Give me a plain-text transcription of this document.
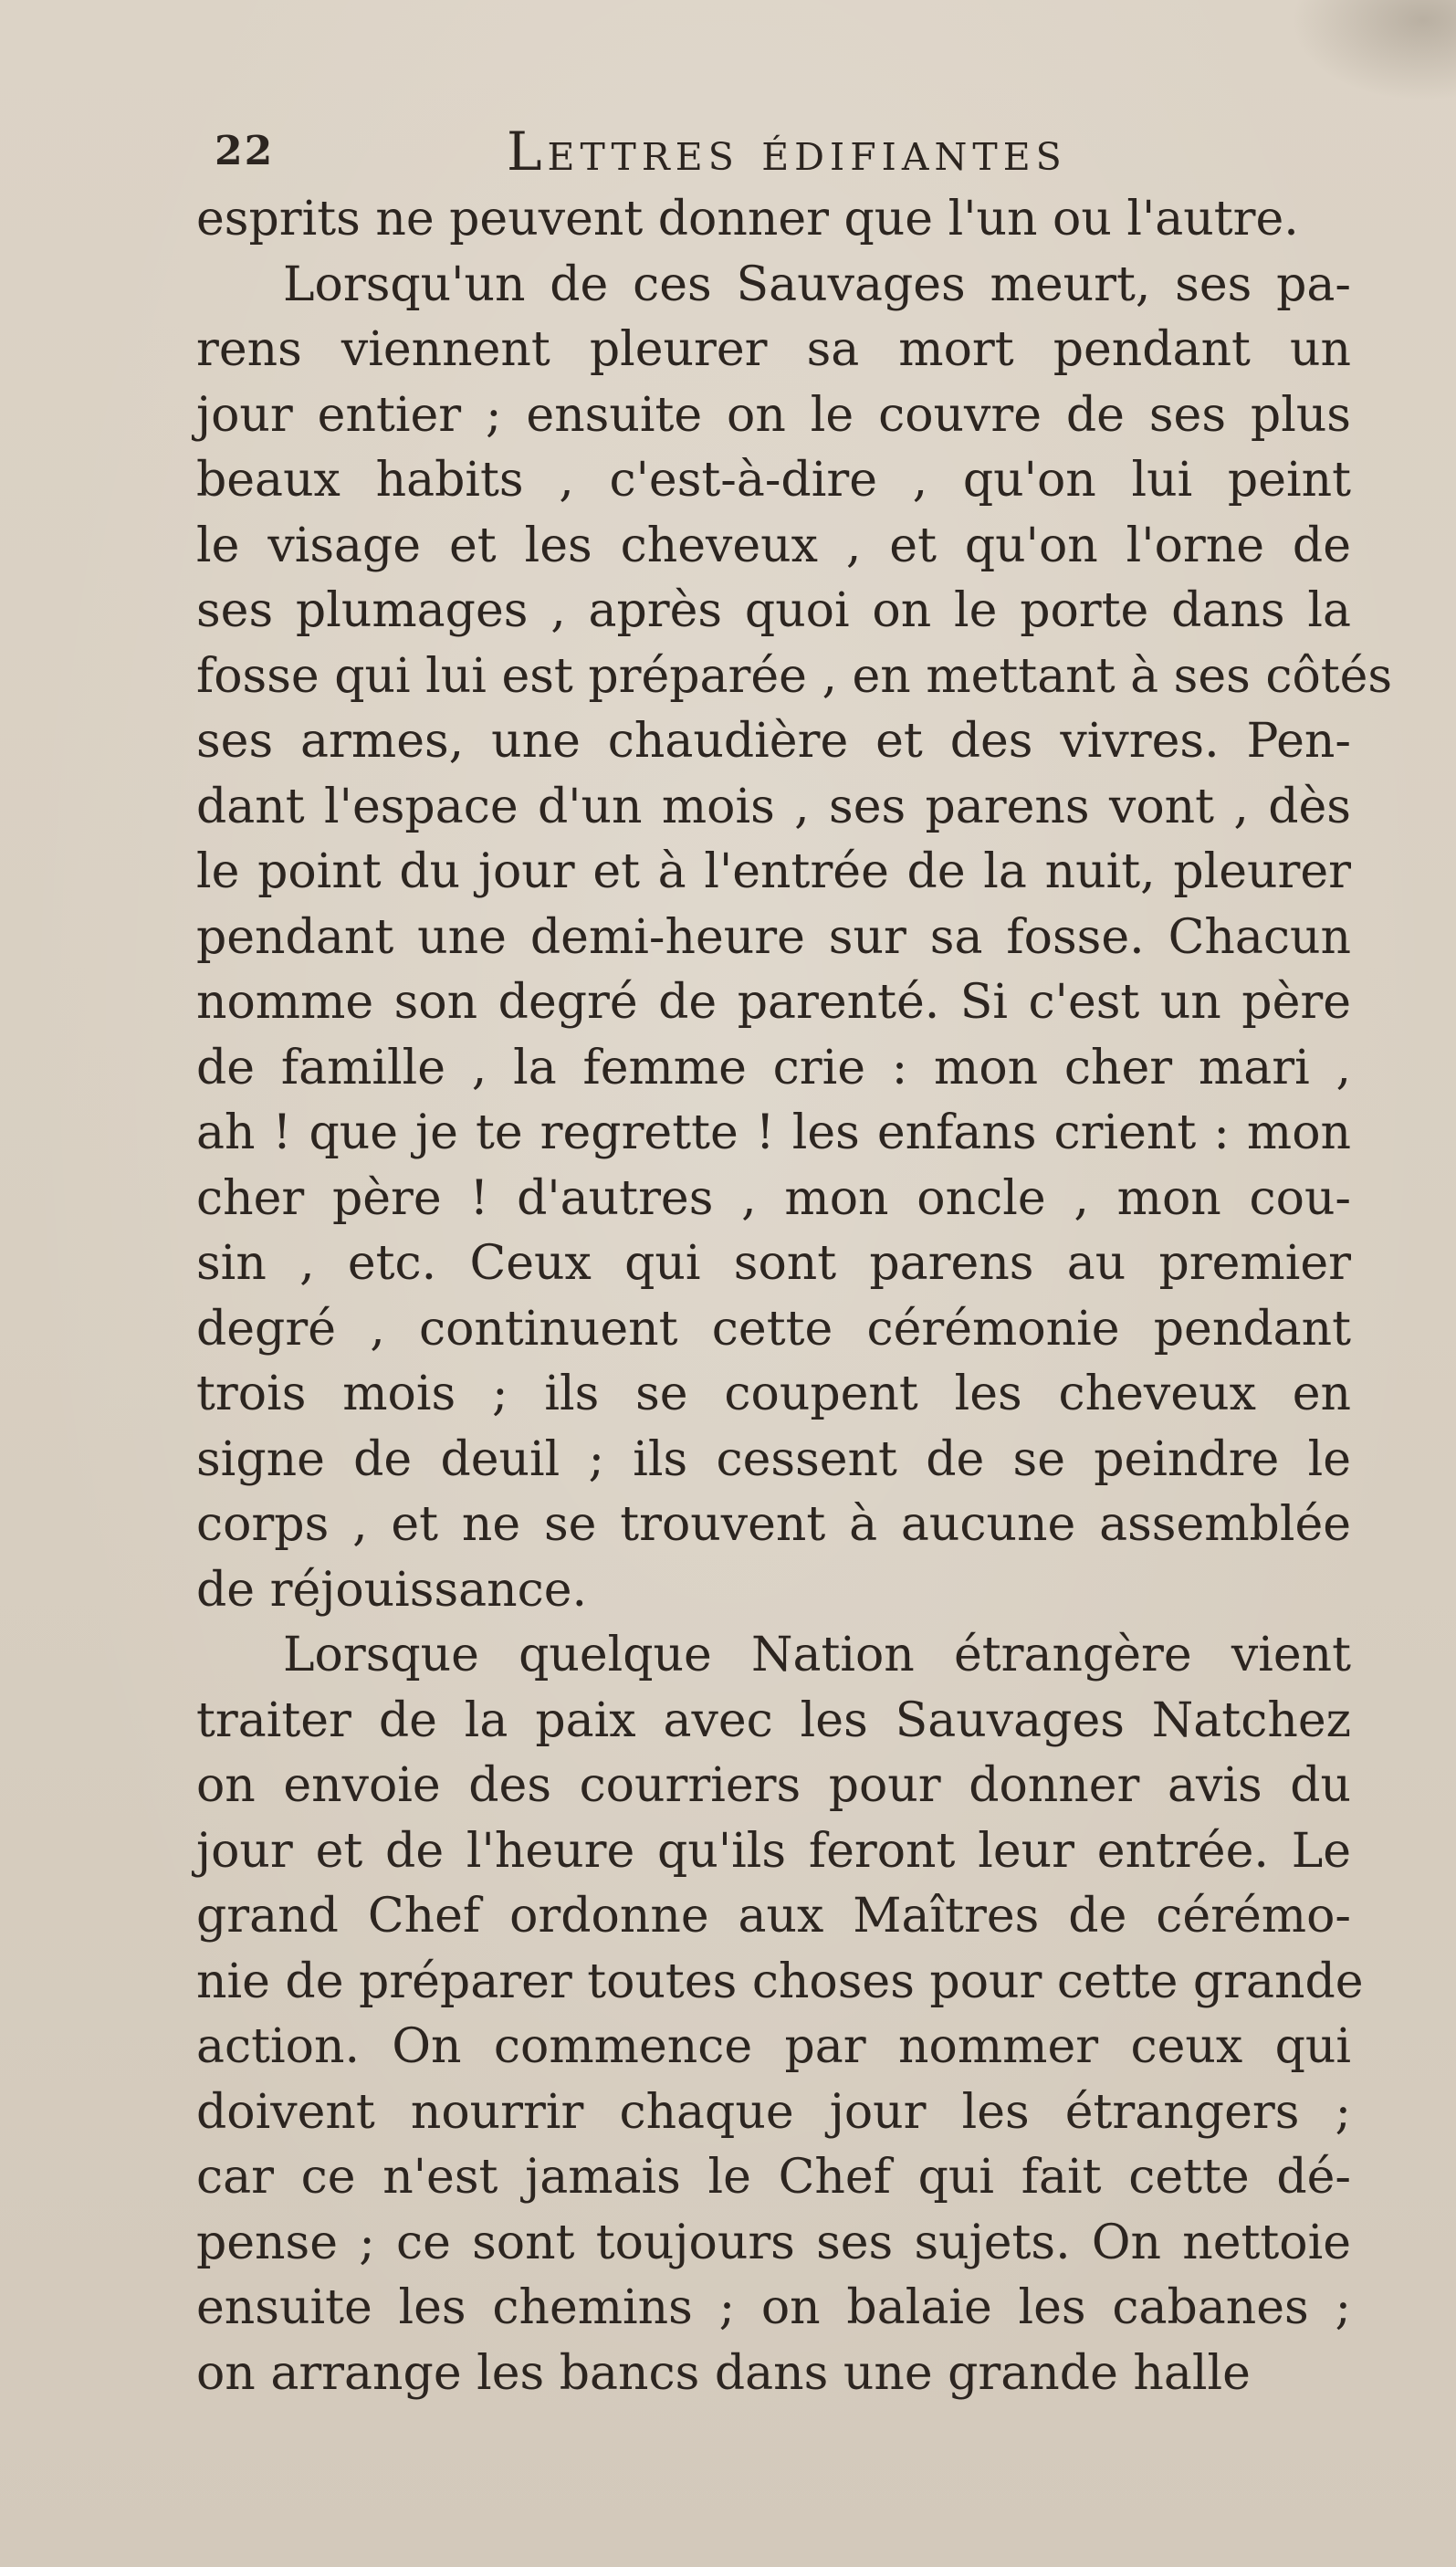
22	Lettres édifiantes
esprits ne peuvent donner que l'un ou l'autre.
Lorsqu'un de ces Sauvages meurt, ses pa-
rens viennent pleurer sa mort pendant un
jour entier ; ensuite on le couvre de ses plus
beaux habits , c'est-à-dire , qu'on lui peint
le visage et les cheveux , et qu'on l'orne de
ses plumages , après quoi on le porte dans la
fosse qui lui est préparée , en mettant à ses côtés
ses armes, une chaudière et des vivres. Pen-
dant l'espace d'un mois , ses parens vont , dès
le point du jour et à l'entrée de la nuit, pleurer
pendant une demi-heure sur sa fosse. Chacun
nomme son degré de parenté. Si c'est un père
de famille , la femme crie : mon cher mari ,
ah ! que je te regrette ! les enfans crient : mon
cher père ! d'autres , mon oncle , mon cou-
sin , etc. Ceux qui sont parens au premier
degré , continuent cette cérémonie pendant
trois mois ; ils se coupent les cheveux en
signe de deuil ; ils cessent de se peindre le
corps , et ne se trouvent à aucune assemblée
de réjouissance.
Lorsque quelque Nation étrangère vient
traiter de la paix avec les Sauvages Natchez
on envoie des courriers pour donner avis du
jour et de l'heure qu'ils feront leur entrée. Le
grand Chef ordonne aux Maîtres de cérémo-
nie de préparer toutes choses pour cette grande
action. On commence par nommer ceux qui
doivent nourrir chaque jour les étrangers ;
car ce n'est jamais le Chef qui fait cette dé-
pense ; ce sont toujours ses sujets. On nettoie
ensuite les chemins ; on balaie les cabanes ;
on arrange les bancs dans une grande halle
